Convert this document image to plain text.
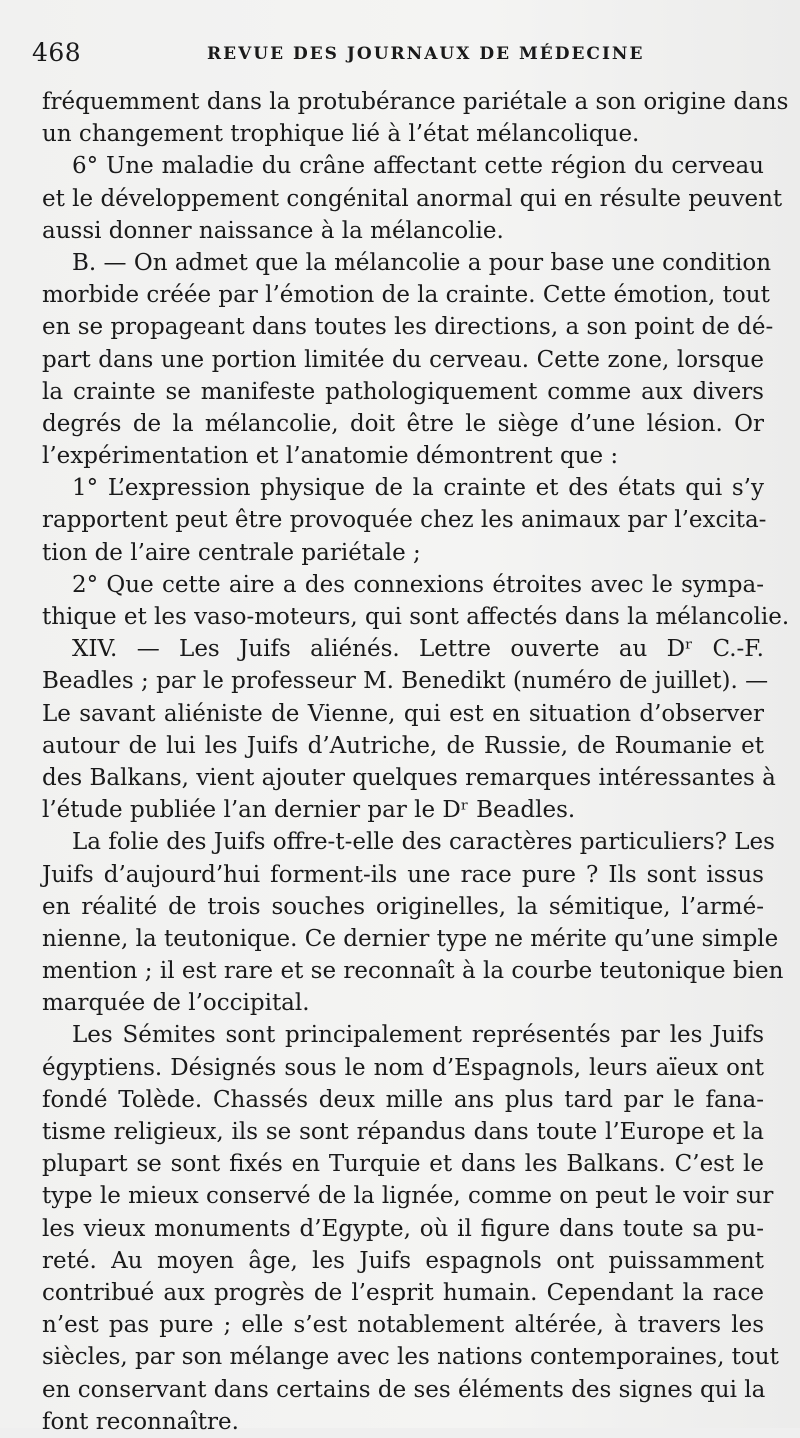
468	REVUE DES JOURNAUX DE MÉDECINE
fréquemment dans la protubérance pariétale a son origine dans
un changement trophique lié à l’état mélancolique.
6° Une maladie du crâne affectant cette région du cerveau
et le développement congénital anormal qui en résulte peuvent
aussi donner naissance à la mélancolie.
B. — On admet que la mélancolie a pour base une condition
morbide créée par l’émotion de la crainte. Cette émotion, tout
en se propageant dans toutes les directions, a son point de dé-
part dans une portion limitée du cerveau. Cette zone, lorsque
la crainte se manifeste pathologiquement comme aux divers
degrés de la mélancolie, doit être le siège d’une lésion. Or
l’expérimentation et l’anatomie démontrent que :
1° L’expression physique de la crainte et des états qui s’y
rapportent peut être provoquée chez les animaux par l’excita-
tion de l’aire centrale pariétale ;
2° Que cette aire a des connexions étroites avec le sympa-
thique et les vaso-moteurs, qui sont affectés dans la mélancolie.
XIV. — Les Juifs aliénés. Lettre ouverte au Dʳ C.-F.
Beadles ; par le professeur M. Benedikt (numéro de juillet). —
Le savant aliéniste de Vienne, qui est en situation d’observer
autour de lui les Juifs d’Autriche, de Russie, de Roumanie et
des Balkans, vient ajouter quelques remarques intéressantes à
l’étude publiée l’an dernier par le Dʳ Beadles.
La folie des Juifs offre-t-elle des caractères particuliers? Les
Juifs d’aujourd’hui forment-ils une race pure ? Ils sont issus
en réalité de trois souches originelles, la sémitique, l’armé-
nienne, la teutonique. Ce dernier type ne mérite qu’une simple
mention ; il est rare et se reconnaît à la courbe teutonique bien
marquée de l’occipital.
Les Sémites sont principalement représentés par les Juifs
égyptiens. Désignés sous le nom d’Espagnols, leurs aïeux ont
fondé Tolède. Chassés deux mille ans plus tard par le fana-
tisme religieux, ils se sont répandus dans toute l’Europe et la
plupart se sont fixés en Turquie et dans les Balkans. C’est le
type le mieux conservé de la lignée, comme on peut le voir sur
les vieux monuments d’Egypte, où il figure dans toute sa pu-
reté. Au moyen âge, les Juifs espagnols ont puissamment
contribué aux progrès de l’esprit humain. Cependant la race
n’est pas pure ; elle s’est notablement altérée, à travers les
siècles, par son mélange avec les nations contemporaines, tout
en conservant dans certains de ses éléments des signes qui la
font reconnaître.
